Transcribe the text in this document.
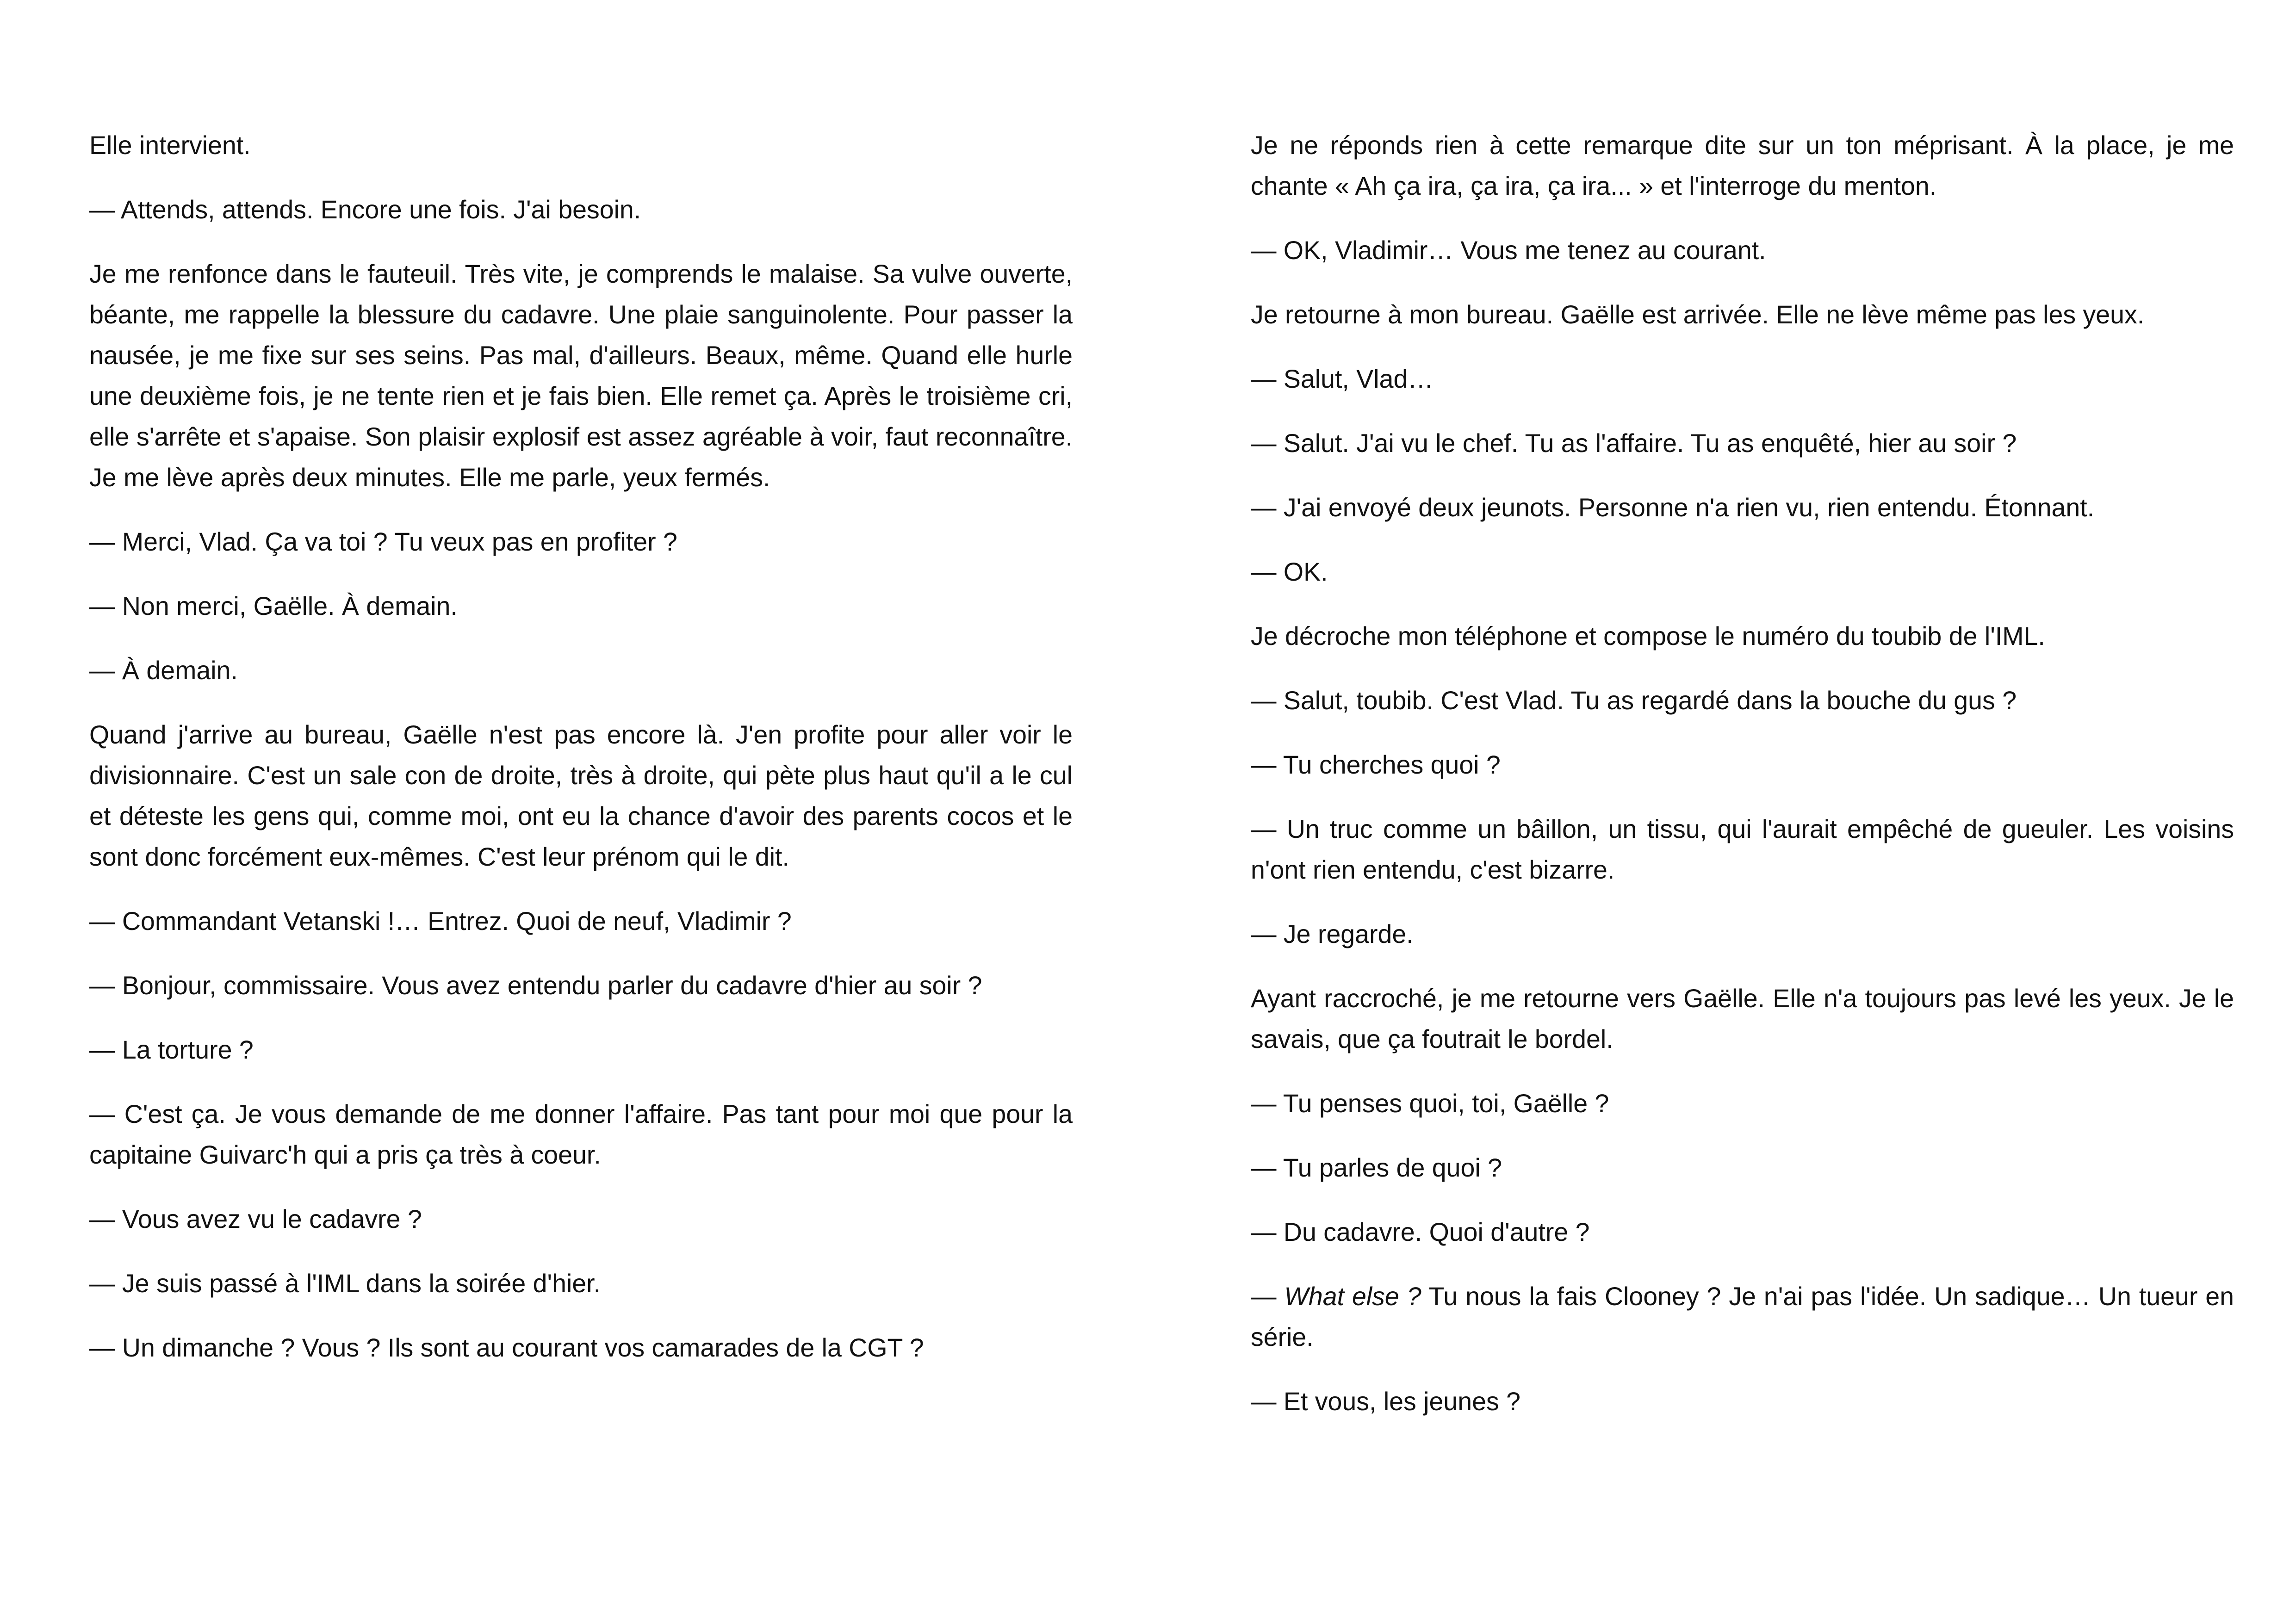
Elle intervient.

— Attends, attends. Encore une fois. J'ai besoin.

Je me renfonce dans le fauteuil. Très vite, je comprends le malaise. Sa vulve ouverte, béante, me rappelle la blessure du cadavre. Une plaie sanguinolente. Pour passer la nausée, je me fixe sur ses seins. Pas mal, d'ailleurs. Beaux, même. Quand elle hurle une deuxième fois, je ne tente rien et je fais bien. Elle remet ça. Après le troisième cri, elle s'arrête et s'apaise. Son plaisir explosif est assez agréable à voir, faut reconnaître. Je me lève après deux minutes. Elle me parle, yeux fermés.

— Merci, Vlad. Ça va toi ? Tu veux pas en profiter ?

— Non merci, Gaëlle. À demain.

— À demain.

Quand j'arrive au bureau, Gaëlle n'est pas encore là. J'en profite pour aller voir le divisionnaire. C'est un sale con de droite, très à droite, qui pète plus haut qu'il a le cul et déteste les gens qui, comme moi, ont eu la chance d'avoir des parents cocos et le sont donc forcément eux-mêmes. C'est leur prénom qui le dit.

— Commandant Vetanski !… Entrez. Quoi de neuf, Vladimir ?

— Bonjour, commissaire. Vous avez entendu parler du cadavre d'hier au soir ?

— La torture ?

— C'est ça. Je vous demande de me donner l'affaire. Pas tant pour moi que pour la capitaine Guivarc'h qui a pris ça très à coeur.

— Vous avez vu le cadavre ?

— Je suis passé à l'IML dans la soirée d'hier.

— Un dimanche ? Vous ? Ils sont au courant vos camarades de la CGT ?

Je ne réponds rien à cette remarque dite sur un ton méprisant. À la place, je me chante « Ah ça ira, ça ira, ça ira... » et l'interroge du menton.

— OK, Vladimir… Vous me tenez au courant.

Je retourne à mon bureau. Gaëlle est arrivée. Elle ne lève même pas les yeux.

— Salut, Vlad…

— Salut. J'ai vu le chef. Tu as l'affaire. Tu as enquêté, hier au soir ?

— J'ai envoyé deux jeunots. Personne n'a rien vu, rien entendu. Étonnant.

— OK.

Je décroche mon téléphone et compose le numéro du toubib de l'IML.

— Salut, toubib. C'est Vlad. Tu as regardé dans la bouche du gus ?

— Tu cherches quoi ?

— Un truc comme un bâillon, un tissu, qui l'aurait empêché de gueuler. Les voisins n'ont rien entendu, c'est bizarre.

— Je regarde.

Ayant raccroché, je me retourne vers Gaëlle. Elle n'a toujours pas levé les yeux. Je le savais, que ça foutrait le bordel.

— Tu penses quoi, toi, Gaëlle ?

— Tu parles de quoi ?

— Du cadavre. Quoi d'autre ?

— What else ? Tu nous la fais Clooney ? Je n'ai pas l'idée. Un sadique… Un tueur en série.

— Et vous, les jeunes ?
